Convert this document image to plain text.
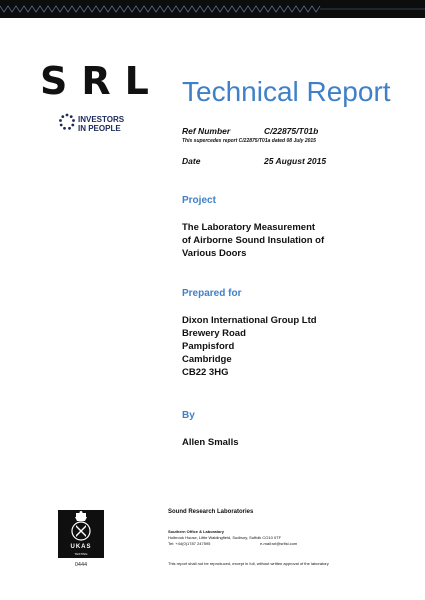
SRL
INVESTORS
IN PEOPLE
Technical Report
Ref Number	C/22875/T01b
This supercedes report C/22875/T01a dated 08 July 2015
Date	25 August 2015
Project
The Laboratory Measurement
of Airborne Sound Insulation of
Various Doors
Prepared for
Dixon International Group Ltd
Brewery Road
Pampisford
Cambridge
CB22 3HG
By
Allen Smalls
UKAS
TESTING
0444
Sound Research Laboratories
Southern Office & Laboratory
Holbrook House, Little Waldingfield, Sudbury, Suffolk CO10 0TF
Tel: +44(0)1787 247595	e-mail:srl@srltsl.com
This report shall not be reproduced, except in full, without written approval of the laboratory
